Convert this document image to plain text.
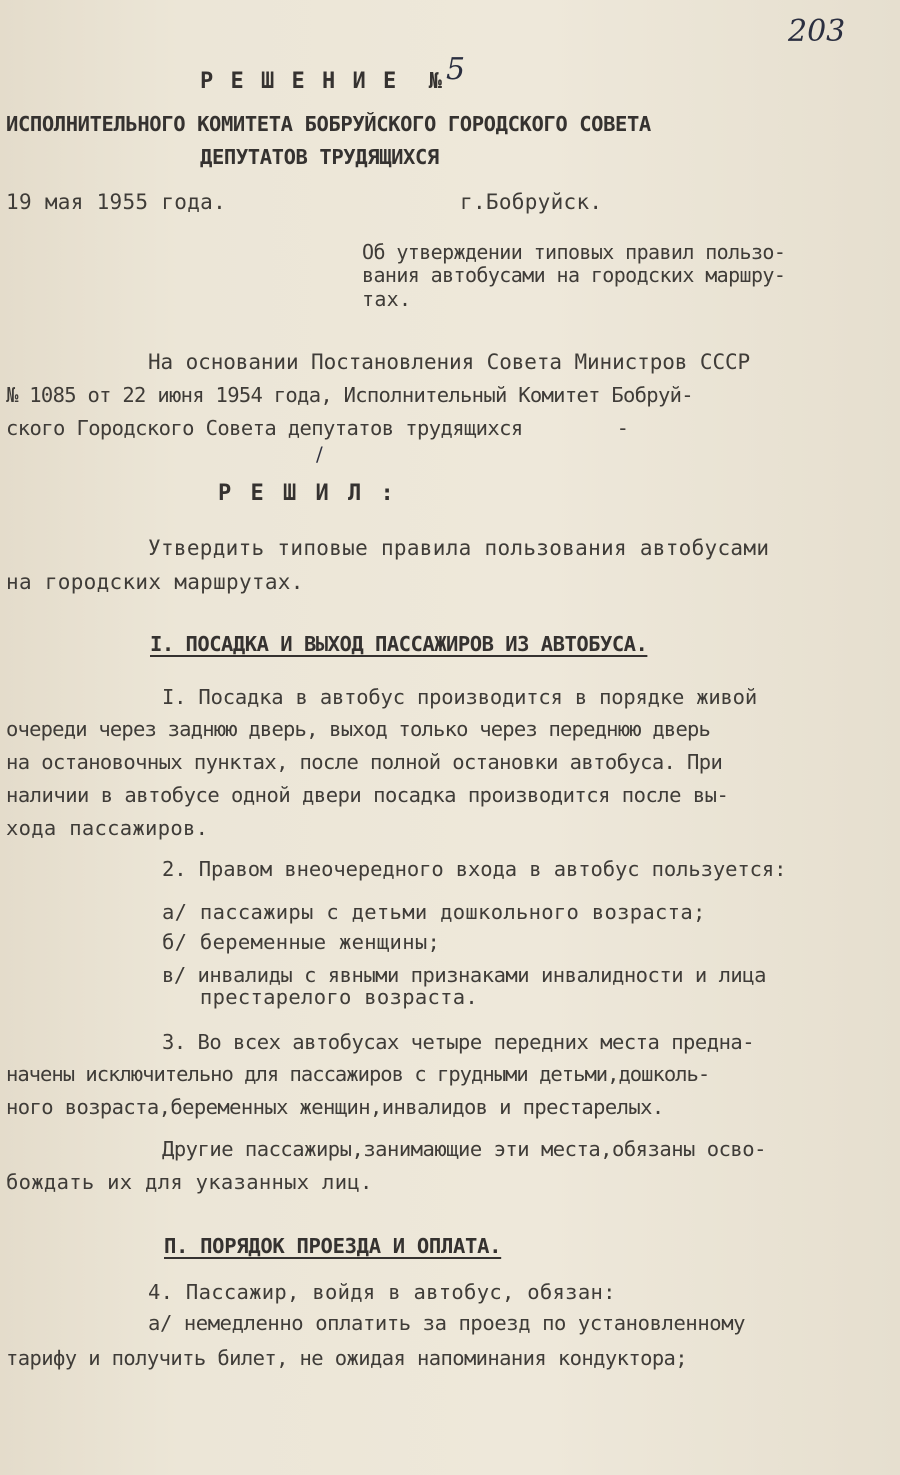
203
Р Е Ш Е Н И Е  № 5
ИСПОЛНИТЕЛЬНОГО КОМИТЕТА БОБРУЙСКОГО ГОРОДСКОГО СОВЕТА
ДЕПУТАТОВ ТРУДЯЩИХСЯ
19 мая 1955 года.	г.Бобруйск.
Об утверждении типовых правил пользо-
вания автобусами на городских маршру-
тах.
На основании Постановления Совета Министров СССР
№ 1085 от 22 июня 1954 года, Исполнительный Комитет Бобруй-
ского Городского Совета депутатов трудящихся        -
/
Р Е Ш И Л :
Утвердить типовые правила пользования автобусами
на городских маршрутах.
I. ПОСАДКА И ВЫХОД ПАССАЖИРОВ ИЗ АВТОБУСА.
I. Посадка в автобус производится в порядке живой
очереди через заднюю дверь, выход только через переднюю дверь
на остановочных пунктах, после полной остановки автобуса. При
наличии в автобусе одной двери посадка производится после вы-
хода пассажиров.
2. Правом внеочередного входа в автобус пользуется:
а/ пассажиры с детьми дошкольного возраста;
б/ беременные женщины;
в/ инвалиды с явными признаками инвалидности и лица
престарелого возраста.
3. Во всех автобусах четыре передних места предна-
начены исключительно для пассажиров с грудными детьми,дошколь-
ного возраста,беременных женщин,инвалидов и престарелых.
Другие пассажиры,занимающие эти места,обязаны осво-
бождать их для указанных лиц.
П. ПОРЯДОК ПРОЕЗДА И ОПЛАТА.
4. Пассажир, войдя в автобус, обязан:
а/ немедленно оплатить за проезд по установленному
тарифу и получить билет, не ожидая напоминания кондуктора;
